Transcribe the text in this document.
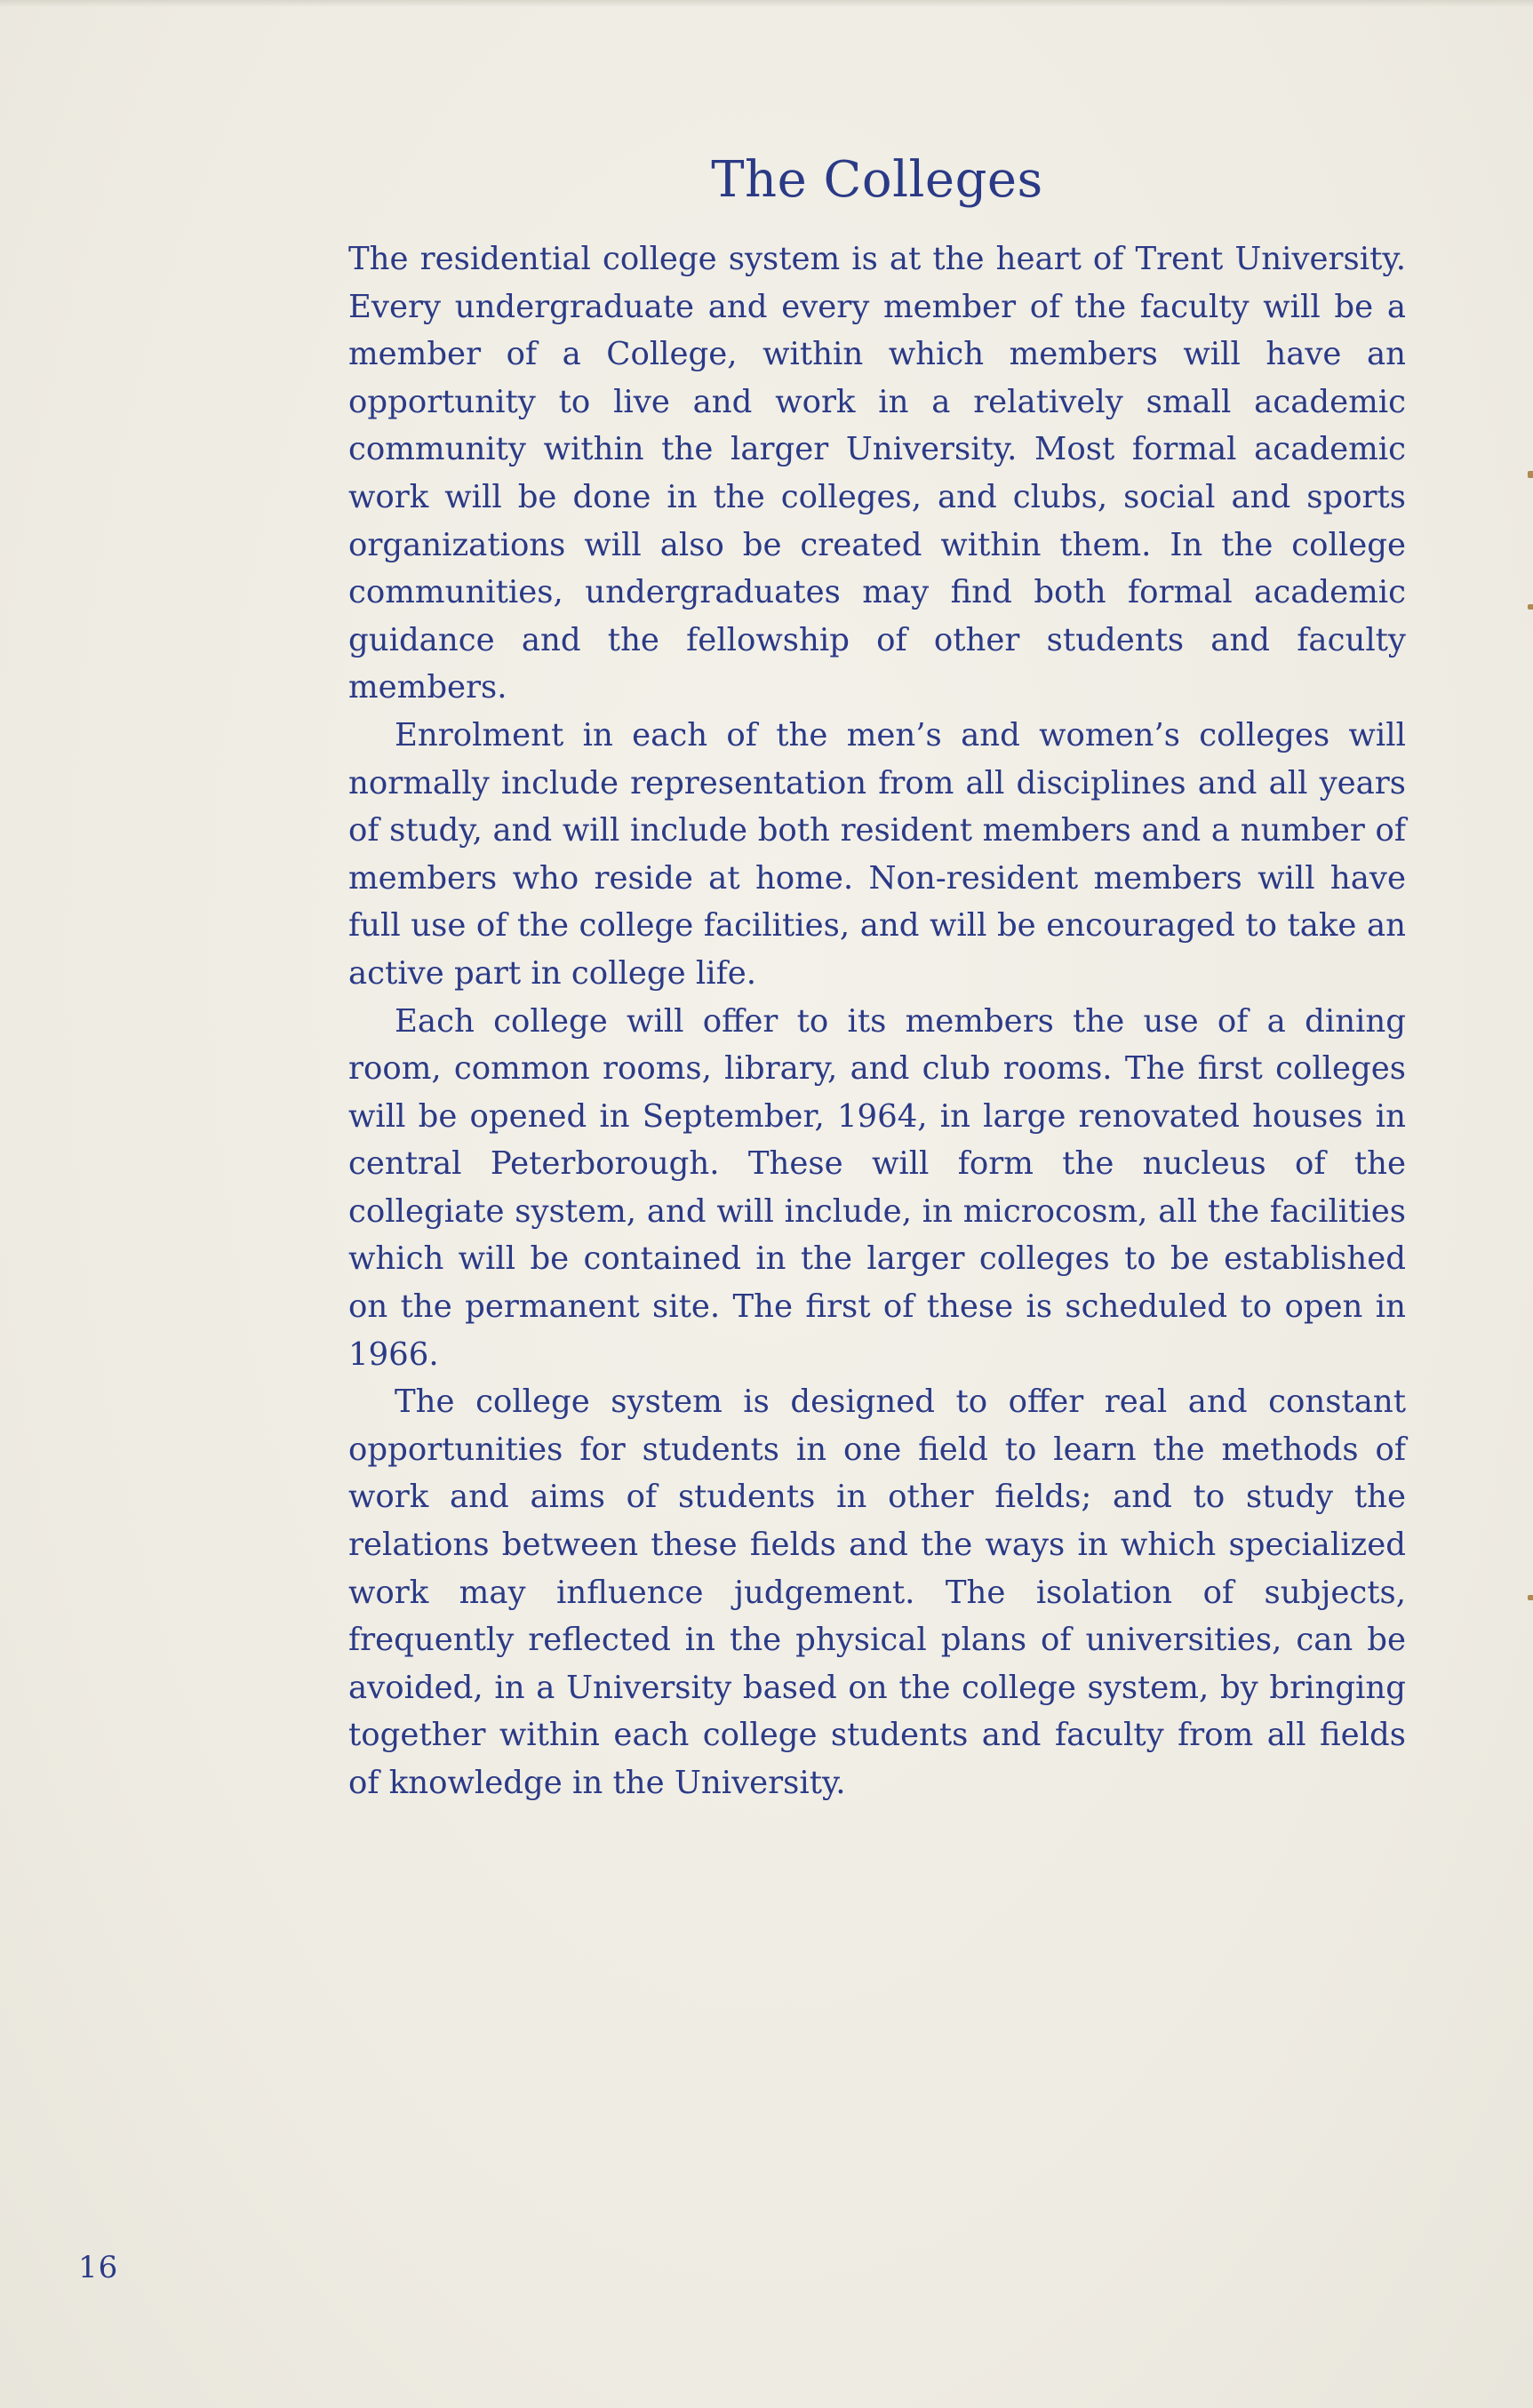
The Colleges

The residential college system is at the heart of Trent University. Every undergraduate and every member of the faculty will be a member of a College, within which members will have an opportunity to live and work in a relatively small academic community within the larger University. Most formal academic work will be done in the colleges, and clubs, social and sports organizations will also be created within them. In the college communities, undergraduates may find both formal academic guidance and the fellowship of other students and faculty members.

Enrolment in each of the men’s and women’s colleges will normally include representation from all disciplines and all years of study, and will include both resident members and a number of members who reside at home. Non-resident members will have full use of the college facilities, and will be encouraged to take an active part in college life.

Each college will offer to its members the use of a dining room, common rooms, library, and club rooms. The first colleges will be opened in September, 1964, in large renovated houses in central Peterborough. These will form the nucleus of the collegiate system, and will include, in microcosm, all the facilities which will be contained in the larger colleges to be established on the permanent site. The first of these is scheduled to open in 1966.

The college system is designed to offer real and constant opportunities for students in one field to learn the methods of work and aims of students in other fields; and to study the relations between these fields and the ways in which specialized work may influence judgement. The isolation of subjects, frequently reflected in the physical plans of universities, can be avoided, in a University based on the college system, by bringing together within each college students and faculty from all fields of knowledge in the University.

16
